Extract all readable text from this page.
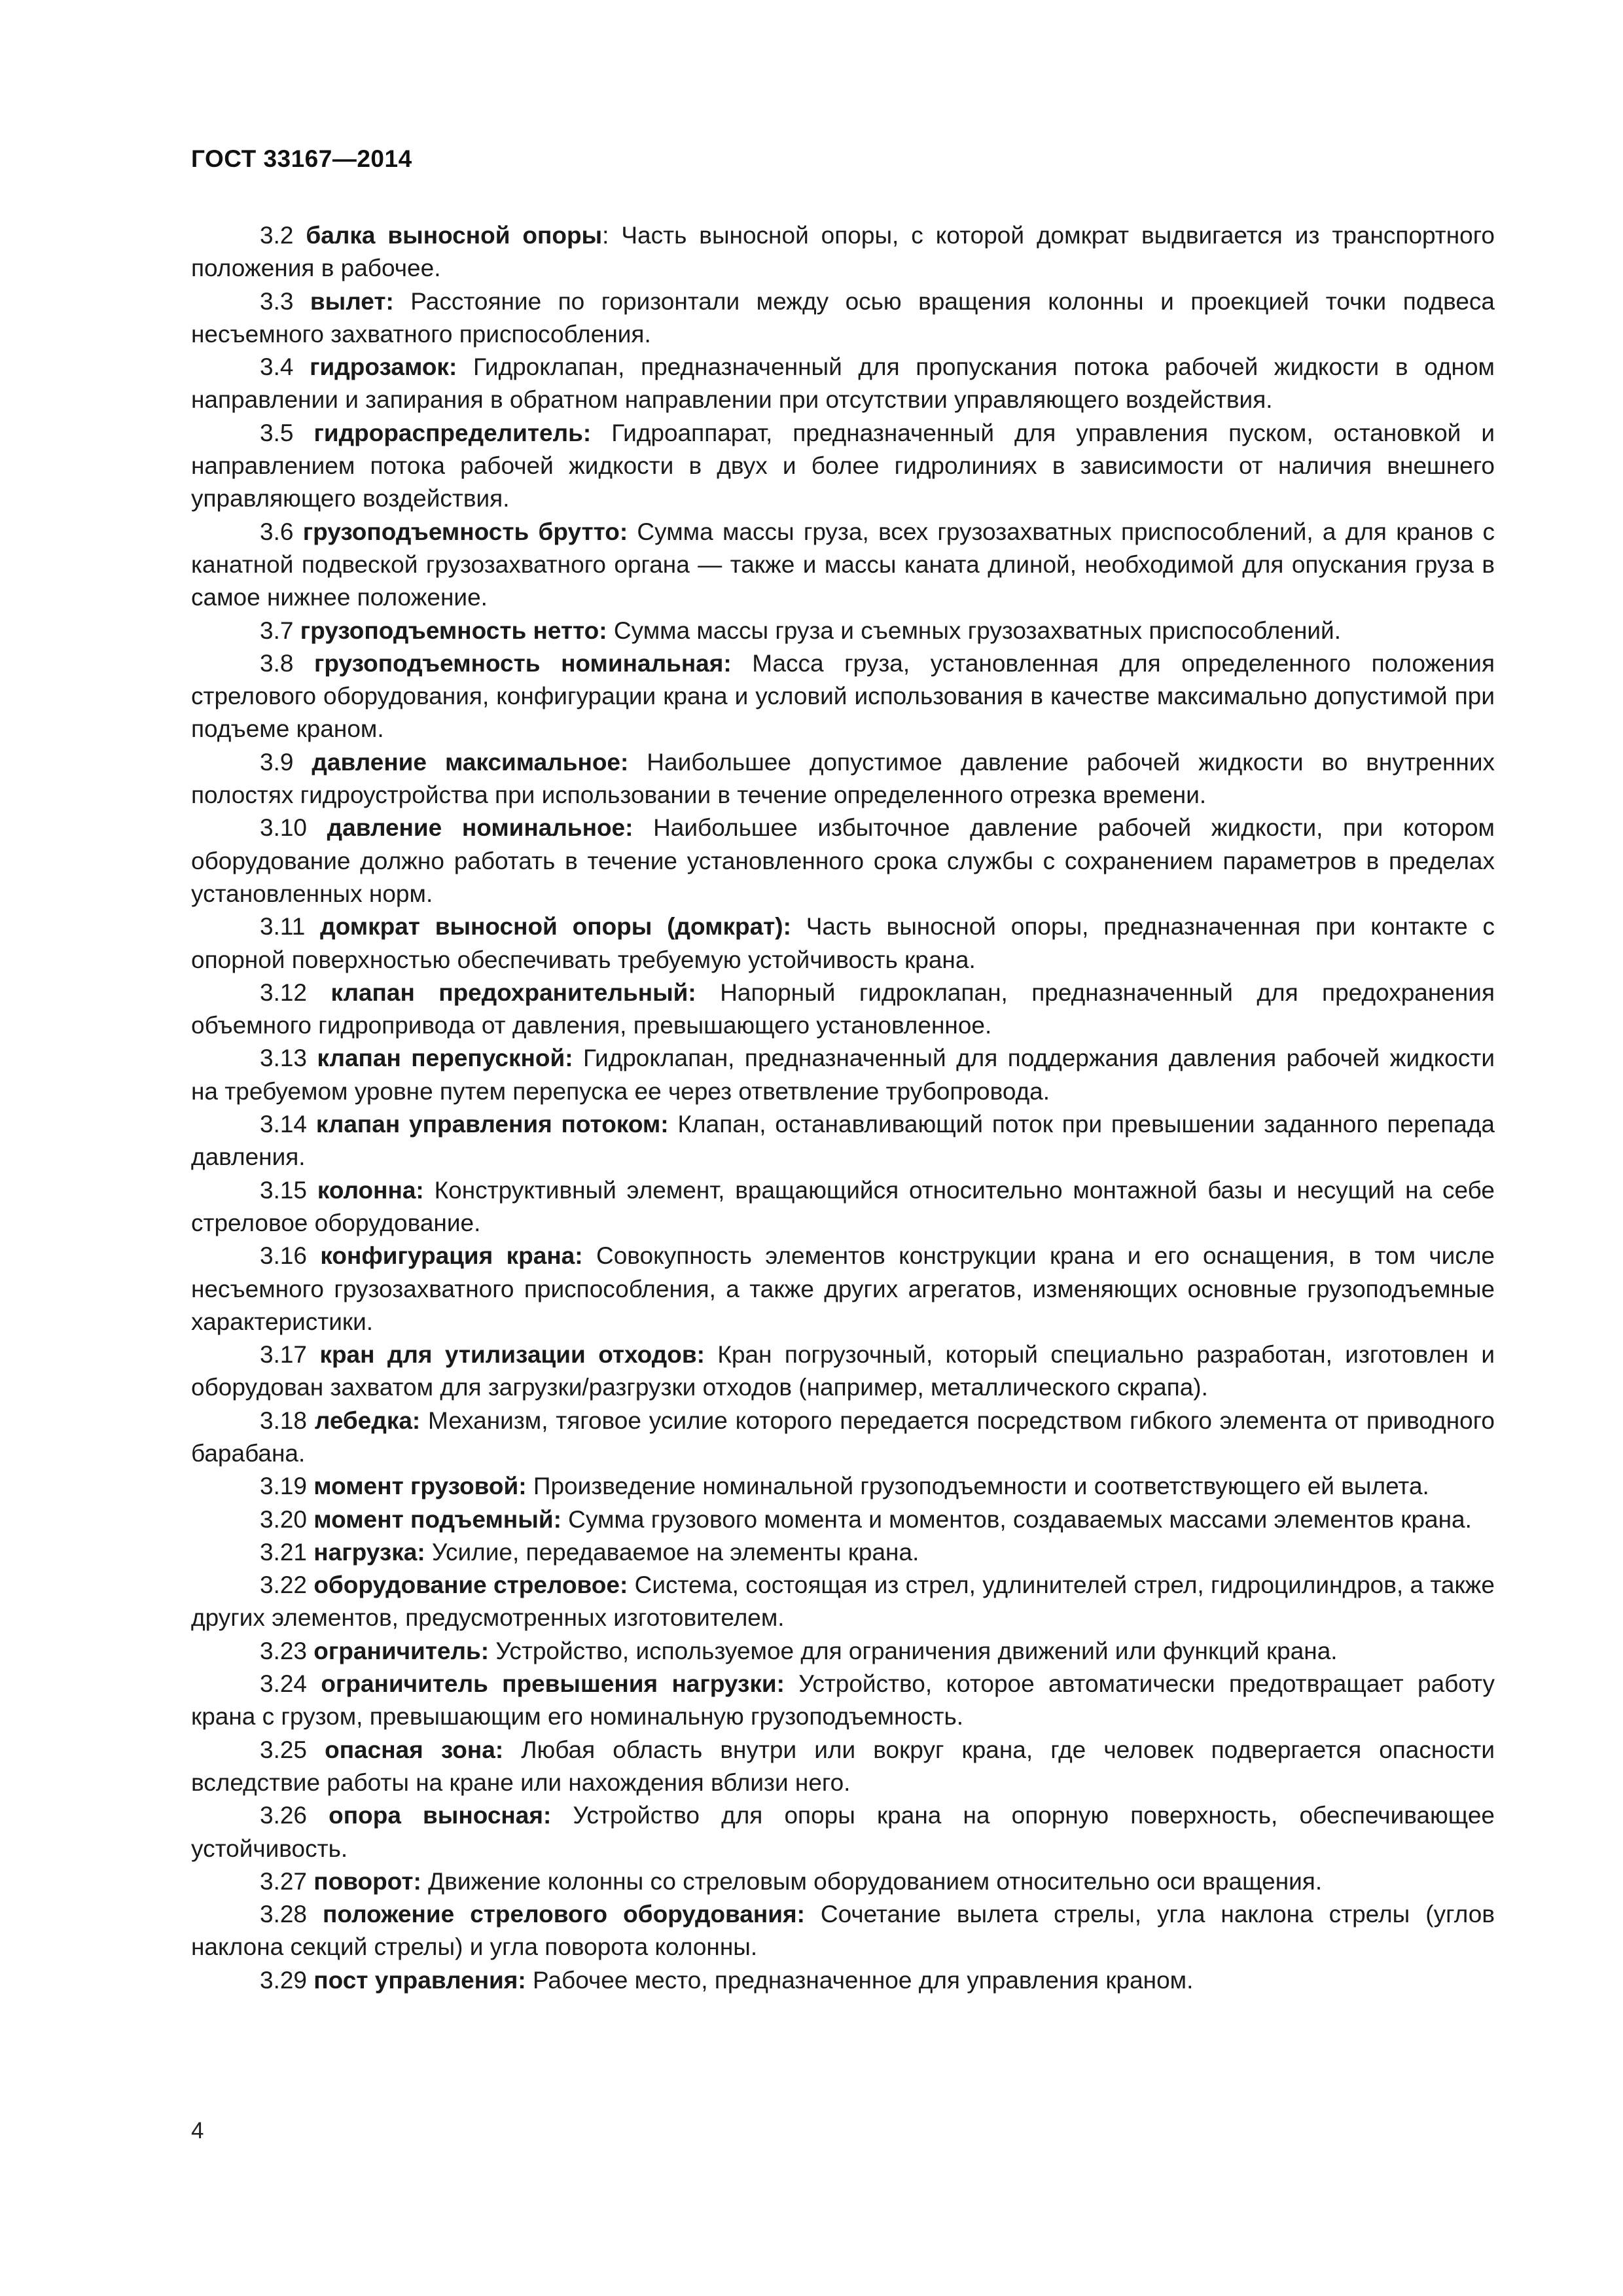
ГОСТ 33167—2014
3.2 балка выносной опоры: Часть выносной опоры, с которой домкрат выдвигается из транспортного положения в рабочее.
3.3 вылет: Расстояние по горизонтали между осью вращения колонны и проекцией точки подвеса несъемного захватного приспособления.
3.4 гидрозамок: Гидроклапан, предназначенный для пропускания потока рабочей жидкости в одном направлении и запирания в обратном направлении при отсутствии управляющего воздействия.
3.5 гидрораспределитель: Гидроаппарат, предназначенный для управления пуском, остановкой и направлением потока рабочей жидкости в двух и более гидролиниях в зависимости от наличия внешнего управляющего воздействия.
3.6 грузоподъемность брутто: Сумма массы груза, всех грузозахватных приспособлений, а для кранов с канатной подвеской грузозахватного органа — также и массы каната длиной, необходимой для опускания груза в самое нижнее положение.
3.7 грузоподъемность нетто: Сумма массы груза и съемных грузозахватных приспособлений.
3.8 грузоподъемность номинальная: Масса груза, установленная для определенного положения стрелового оборудования, конфигурации крана и условий использования в качестве максимально допустимой при подъеме краном.
3.9 давление максимальное: Наибольшее допустимое давление рабочей жидкости во внутренних полостях гидроустройства при использовании в течение определенного отрезка времени.
3.10 давление номинальное: Наибольшее избыточное давление рабочей жидкости, при котором оборудование должно работать в течение установленного срока службы с сохранением параметров в пределах установленных норм.
3.11 домкрат выносной опоры (домкрат): Часть выносной опоры, предназначенная при контакте с опорной поверхностью обеспечивать требуемую устойчивость крана.
3.12 клапан предохранительный: Напорный гидроклапан, предназначенный для предохранения объемного гидропривода от давления, превышающего установленное.
3.13 клапан перепускной: Гидроклапан, предназначенный для поддержания давления рабочей жидкости на требуемом уровне путем перепуска ее через ответвление трубопровода.
3.14 клапан управления потоком: Клапан, останавливающий поток при превышении заданного перепада давления.
3.15 колонна: Конструктивный элемент, вращающийся относительно монтажной базы и несущий на себе стреловое оборудование.
3.16 конфигурация крана: Совокупность элементов конструкции крана и его оснащения, в том числе несъемного грузозахватного приспособления, а также других агрегатов, изменяющих основные грузоподъемные характеристики.
3.17 кран для утилизации отходов: Кран погрузочный, который специально разработан, изготовлен и оборудован захватом для загрузки/разгрузки отходов (например, металлического скрапа).
3.18 лебедка: Механизм, тяговое усилие которого передается посредством гибкого элемента от приводного барабана.
3.19 момент грузовой: Произведение номинальной грузоподъемности и соответствующего ей вылета.
3.20 момент подъемный: Сумма грузового момента и моментов, создаваемых массами элементов крана.
3.21 нагрузка: Усилие, передаваемое на элементы крана.
3.22 оборудование стреловое: Система, состоящая из стрел, удлинителей стрел, гидроцилиндров, а также других элементов, предусмотренных изготовителем.
3.23 ограничитель: Устройство, используемое для ограничения движений или функций крана.
3.24 ограничитель превышения нагрузки: Устройство, которое автоматически предотвращает работу крана с грузом, превышающим его номинальную грузоподъемность.
3.25 опасная зона: Любая область внутри или вокруг крана, где человек подвергается опасности вследствие работы на кране или нахождения вблизи него.
3.26 опора выносная: Устройство для опоры крана на опорную поверхность, обеспечивающее устойчивость.
3.27 поворот: Движение колонны со стреловым оборудованием относительно оси вращения.
3.28 положение стрелового оборудования: Сочетание вылета стрелы, угла наклона стрелы (углов наклона секций стрелы) и угла поворота колонны.
3.29 пост управления: Рабочее место, предназначенное для управления краном.
4
